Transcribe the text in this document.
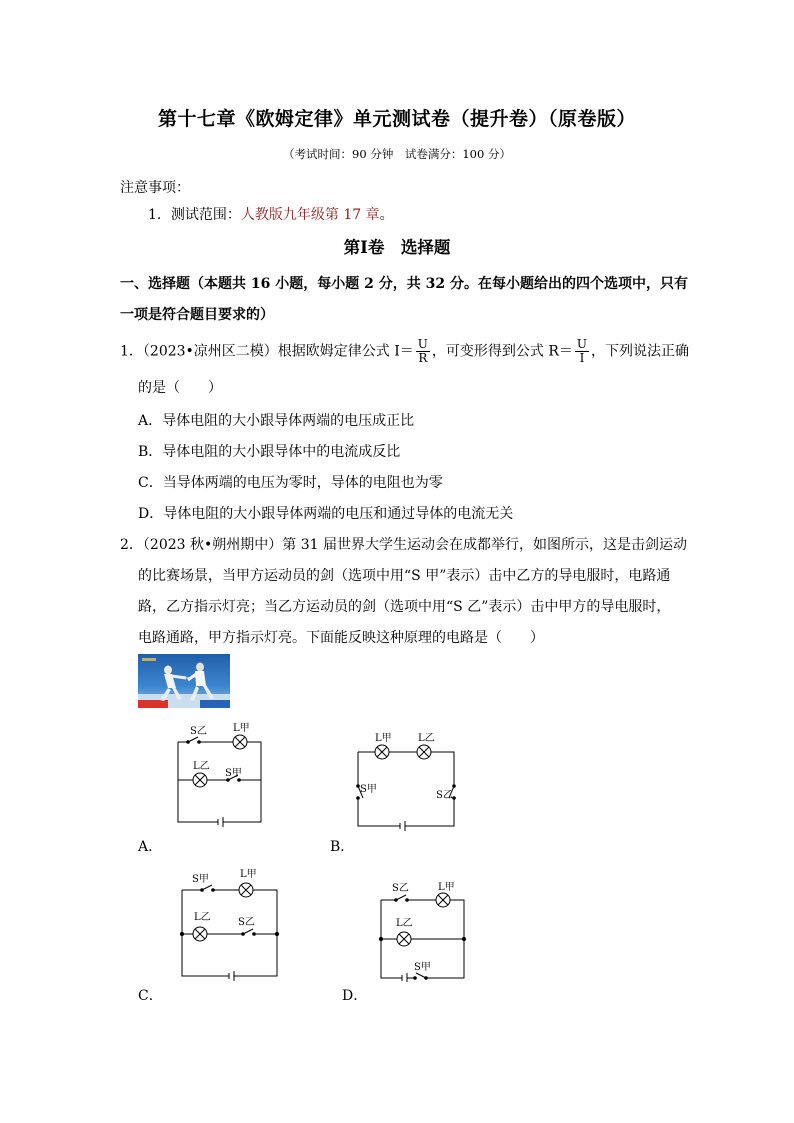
第十七章《欧姆定律》单元测试卷（提升卷）（原卷版）
（考试时间：90 分钟　试卷满分：100 分）
注意事项：
1．测试范围：人教版九年级第 17 章。
第Ⅰ卷　选择题
一、选择题（本题共 16 小题，每小题 2 分，共 32 分。在每小题给出的四个选项中，只有
一项是符合题目要求的）
1．（2023•凉州区二模）根据欧姆定律公式 $I= \frac{U}{R}$ ，可变形得到公式 $R= \frac{U}{I}$ ，下列说法正确
的是（　　）
A．导体电阻的大小跟导体两端的电压成正比
B．导体电阻的大小跟导体中的电流成反比
C．当导体两端的电压为零时，导体的电阻也为零
D．导体电阻的大小跟导体两端的电压和通过导体的电流无关
2．（2023 秋•朔州期中）第 31 届世界大学生运动会在成都举行，如图所示，这是击剑运动
的比赛场景，当甲方运动员的剑（选项中用“S 甲”表示）击中乙方的导电服时，电路通
路，乙方指示灯亮；当乙方运动员的剑（选项中用“S 乙”表示）击中甲方的导电服时，
电路通路，甲方指示灯亮。下面能反映这种原理的电路是（　　）
S乙	L甲
L乙
S甲
A．
L甲	L乙
S甲
S乙
B．
S甲	L甲
L乙	S乙
C．
S乙	L甲
L乙
S甲
D．
